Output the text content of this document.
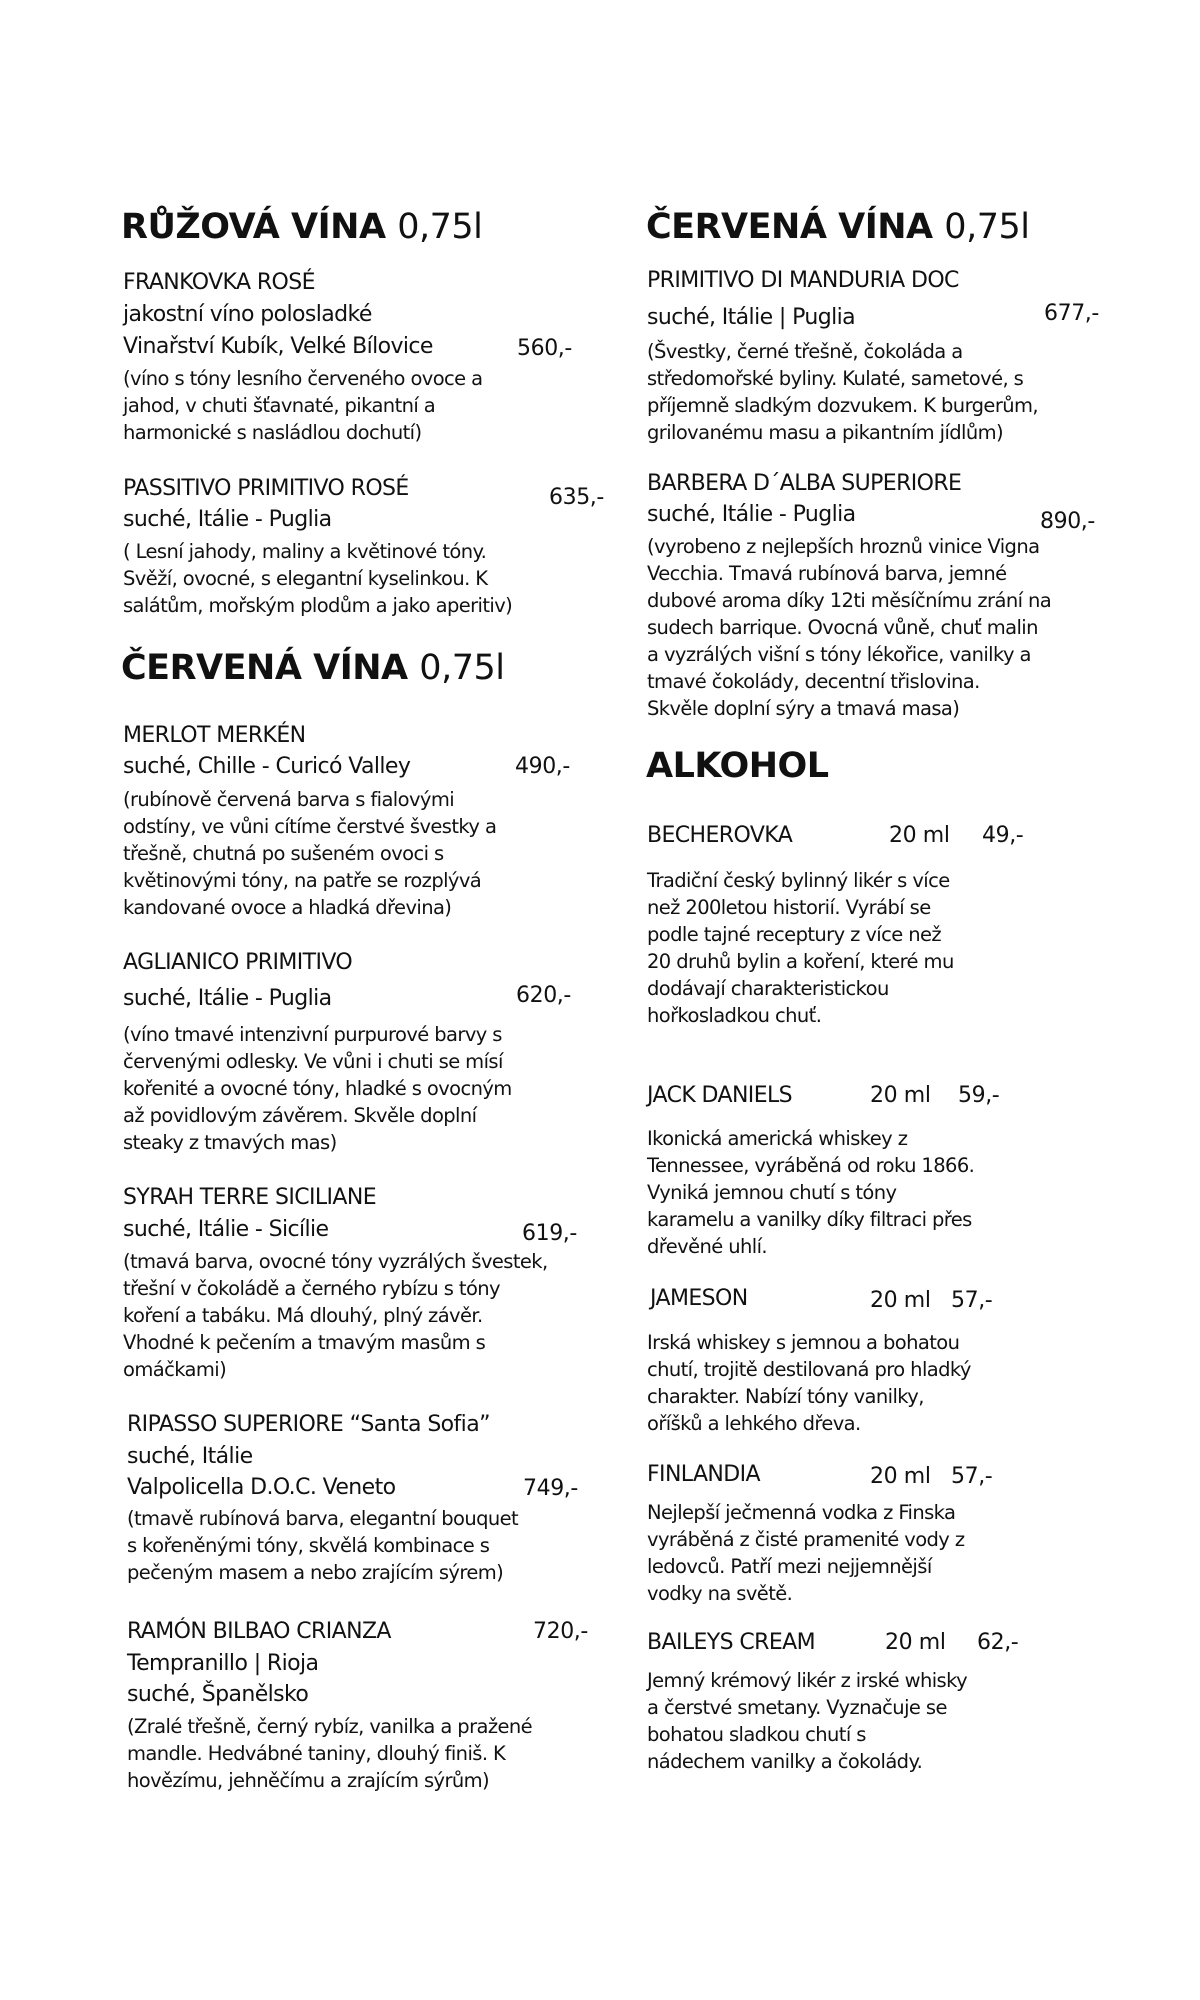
RŮŽOVÁ VÍNA 0,75l
FRANKOVKA ROSÉ
jakostní víno polosladké
Vinařství Kubík, Velké Bílovice	560,-
(víno s tóny lesního červeného ovoce a
jahod, v chuti šťavnaté, pikantní a
harmonické s nasládlou dochutí)
PASSITIVO PRIMITIVO ROSÉ	635,-
suché, Itálie - Puglia
( Lesní jahody, maliny a květinové tóny.
Svěží, ovocné, s elegantní kyselinkou. K
salátům, mořským plodům a jako aperitiv)
ČERVENÁ VÍNA 0,75l
MERLOT MERKÉN
suché, Chille - Curicó Valley	490,-
(rubínově červená barva s fialovými
odstíny, ve vůni cítíme čerstvé švestky a
třešně, chutná po sušeném ovoci s
květinovými tóny, na patře se rozplývá
kandované ovoce a hladká dřevina)
AGLIANICO PRIMITIVO
suché, Itálie - Puglia	620,-
(víno tmavé intenzivní purpurové barvy s
červenými odlesky. Ve vůni i chuti se mísí
kořenité a ovocné tóny, hladké s ovocným
až povidlovým závěrem. Skvěle doplní
steaky z tmavých mas)
SYRAH TERRE SICILIANE
suché, Itálie - Sicílie	619,-
(tmavá barva, ovocné tóny vyzrálých švestek,
třešní v čokoládě a černého rybízu s tóny
koření a tabáku. Má dlouhý, plný závěr.
Vhodné k pečením a tmavým masům s
omáčkami)
RIPASSO SUPERIORE “Santa Sofia”
suché, Itálie
Valpolicella D.O.C. Veneto	749,-
(tmavě rubínová barva, elegantní bouquet
s kořeněnými tóny, skvělá kombinace s
pečeným masem a nebo zrajícím sýrem)
RAMÓN BILBAO CRIANZA	720,-
Tempranillo | Rioja
suché, Španělsko
(Zralé třešně, černý rybíz, vanilka a pražené
mandle. Hedvábné taniny, dlouhý finiš. K
hovězímu, jehněčímu a zrajícím sýrům)
ČERVENÁ VÍNA 0,75l
PRIMITIVO DI MANDURIA DOC
suché, Itálie | Puglia	677,-
(Švestky, černé třešně, čokoláda a
středomořské byliny. Kulaté, sametové, s
příjemně sladkým dozvukem. K burgerům,
grilovanému masu a pikantním jídlům)
BARBERA D´ALBA SUPERIORE
suché, Itálie - Puglia	890,-
(vyrobeno z nejlepších hroznů vinice Vigna
Vecchia. Tmavá rubínová barva, jemné
dubové aroma díky 12ti měsíčnímu zrání na
sudech barrique. Ovocná vůně, chuť malin
a vyzrálých višní s tóny lékořice, vanilky a
tmavé čokolády, decentní třislovina.
Skvěle doplní sýry a tmavá masa)
ALKOHOL
BECHEROVKA	20 ml 49,-
Tradiční český bylinný likér s více
než 200letou historií. Vyrábí se
podle tajné receptury z více než
20 druhů bylin a koření, které mu
dodávají charakteristickou
hořkosladkou chuť.
JACK DANIELS	20 ml 59,-
Ikonická americká whiskey z
Tennessee, vyráběná od roku 1866.
Vyniká jemnou chutí s tóny
karamelu a vanilky díky filtraci přes
dřevěné uhlí.
JAMESON	20 ml 57,-
Irská whiskey s jemnou a bohatou
chutí, trojitě destilovaná pro hladký
charakter. Nabízí tóny vanilky,
oříšků a lehkého dřeva.
FINLANDIA	20 ml 57,-
Nejlepší ječmenná vodka z Finska
vyráběná z čisté pramenité vody z
ledovců. Patří mezi nejjemnější
vodky na světě.
BAILEYS CREAM	20 ml 62,-
Jemný krémový likér z irské whisky
a čerstvé smetany. Vyznačuje se
bohatou sladkou chutí s
nádechem vanilky a čokolády.
